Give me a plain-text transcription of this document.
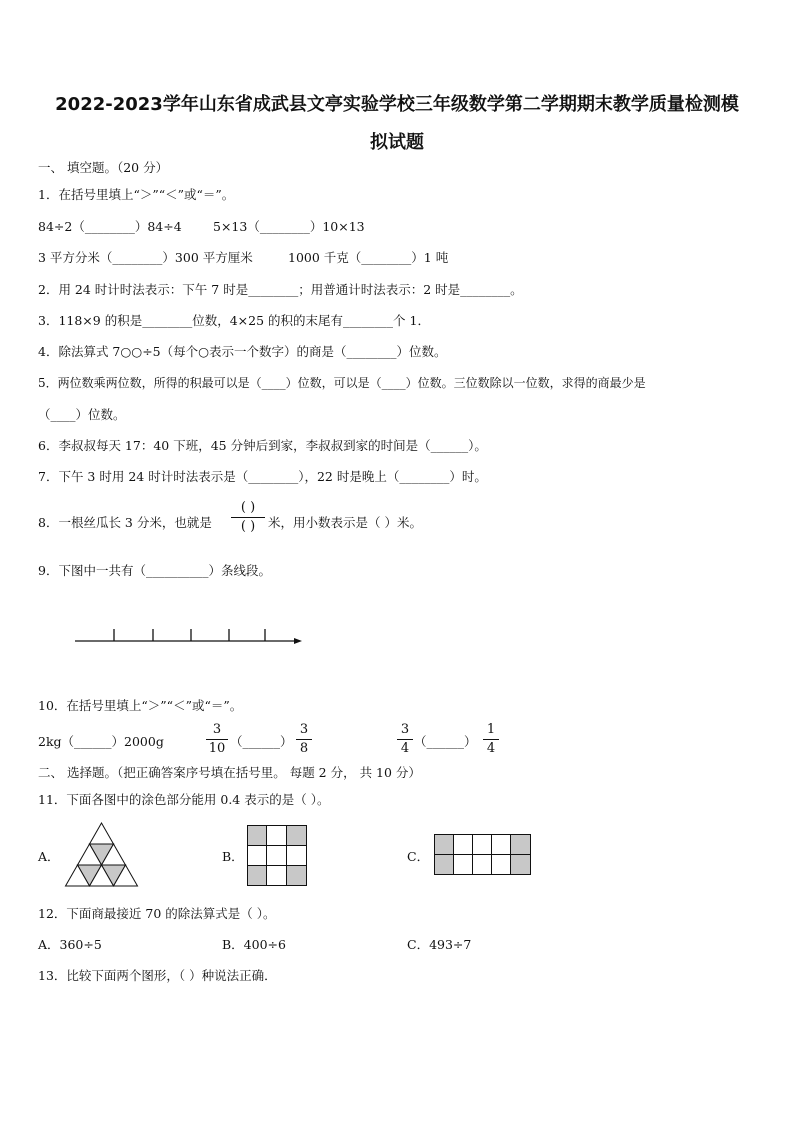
2022-2023学年山东省成武县文亭实验学校三年级数学第二学期期末教学质量检测模
拟试题
一、 填空题。（20 分）
1．在括号里填上“＞”“＜”或“＝”。
84÷2（________）84÷4	5×13（________）10×13
3 平方分米（________）300 平方厘米	1000 千克（________）1 吨
2．用 24 时计时法表示：下午 7 时是________；用普通计时法表示：2 时是________。
3．118×9 的积是________位数，4×25 的积的末尾有________个 1．
4．除法算式 7○○÷5（每个○表示一个数字）的商是（________）位数。
5．两位数乘两位数，所得的积最可以是（____）位数，可以是（____）位数。三位数除以一位数，求得的商最少是
（____）位数。
6．李叔叔每天 17：40 下班，45 分钟后到家，李叔叔到家的时间是（______）。
7．下午 3 时用 24 时计时法表示是（________），22 时是晚上（________）时。
8．一根丝瓜长 3 分米，也就是
( )
( )	米，用小数表示是（ ）米。
9．下图中一共有（__________）条线段。
10．在括号里填上“＞”“＜”或“＝”。
2kg（______）2000g
3
10 （______）
3
8
3
4 （______）
1
4
二、 选择题。（把正确答案序号填在括号里。 每题 2 分， 共 10 分）
11．下面各图中的涂色部分能用 0.4 表示的是（ ）。
A．	B．	C．
12．下面商最接近 70 的除法算式是（ ）。
A．360÷5	B．400÷6	C．493÷7
13．比较下面两个图形，（ ）种说法正确．
